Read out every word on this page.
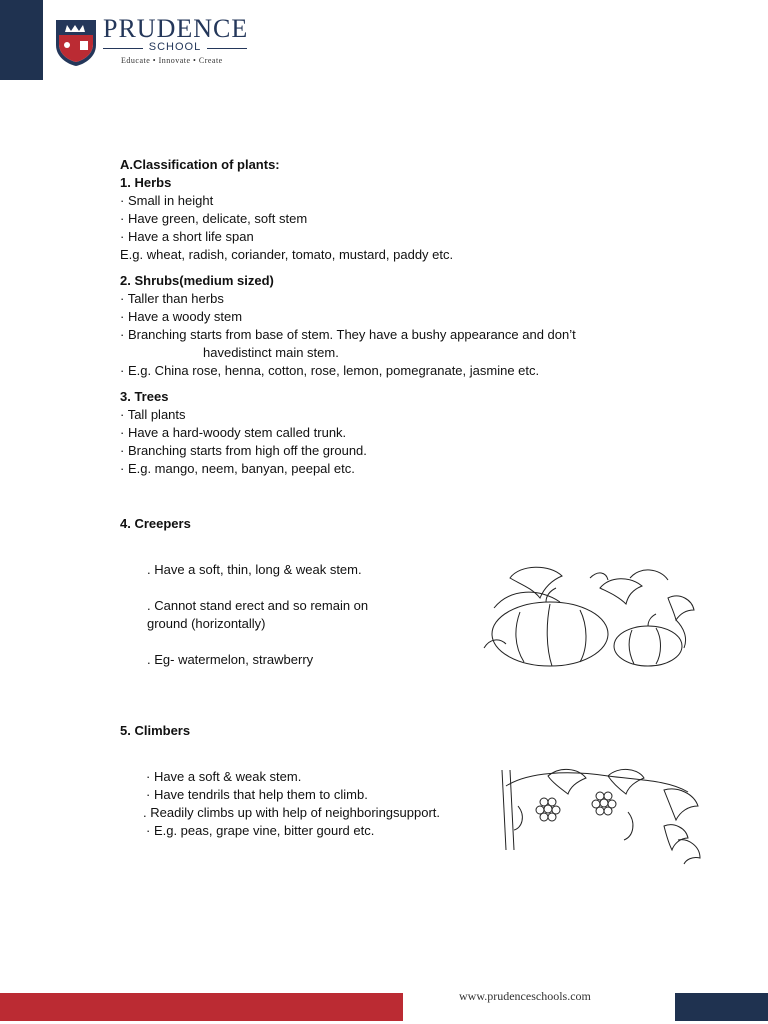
PRUDENCE
SCHOOL
Educate • Innovate • Create

A.Classification of plants:

1. Herbs

· Small in height

· Have green, delicate, soft stem

· Have a short life span

E.g. wheat, radish, coriander, tomato, mustard, paddy etc.

2. Shrubs(medium sized)

· Taller than herbs

· Have a woody stem

· Branching starts from base of stem. They have a bushy appearance and don’t

havedistinct main stem.

· E.g. China rose, henna, cotton, rose, lemon, pomegranate, jasmine etc.

3. Trees

· Tall plants

· Have a hard-woody stem called trunk.

· Branching starts from high off the ground.

· E.g. mango, neem, banyan, peepal etc.

4. Creepers

. Have a soft, thin, long & weak stem.

. Cannot stand erect and so remain on

ground (horizontally)

. Eg- watermelon, strawberry

5. Climbers

· Have a soft & weak stem.

· Have tendrils that help them to climb.

. Readily climbs up with help of neighboringsupport.

· E.g. peas, grape vine, bitter gourd etc.

www.prudenceschools.com
